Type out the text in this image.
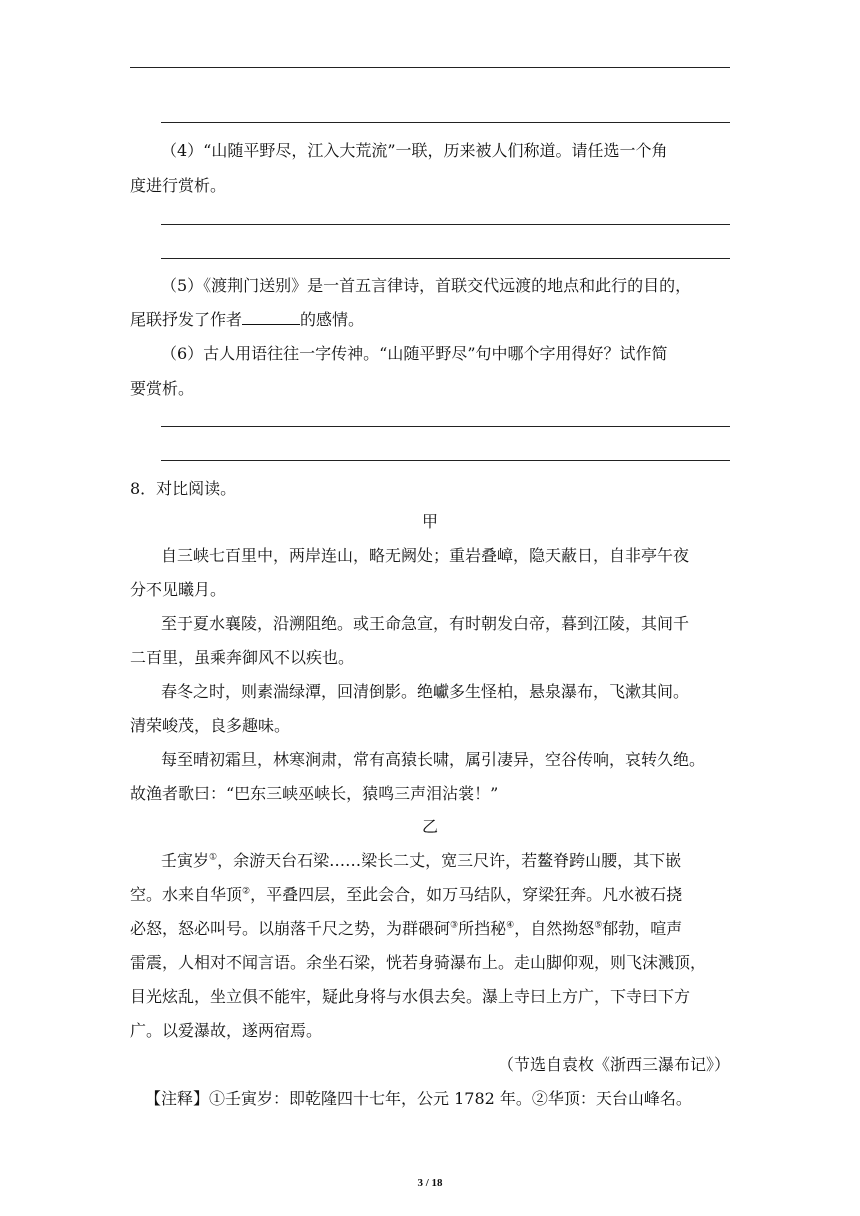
（4）“山随平野尽，江入大荒流”一联，历来被人们称道。请任选一个角
度进行赏析。
（5）《渡荆门送别》是一首五言律诗，首联交代远渡的地点和此行的目的，
尾联抒发了作者	的感情。
（6）古人用语往往一字传神。“山随平野尽”句中哪个字用得好？试作简
要赏析。
8．对比阅读。
甲
自三峡七百里中，两岸连山，略无阙处；重岩叠嶂，隐天蔽日，自非亭午夜
分不见曦月。
至于夏水襄陵，沿溯阻绝。或王命急宣，有时朝发白帝，暮到江陵，其间千
二百里，虽乘奔御风不以疾也。
春冬之时，则素湍绿潭，回清倒影。绝巘多生怪柏，悬泉瀑布，飞漱其间。
清荣峻茂，良多趣味。
每至晴初霜旦，林寒涧肃，常有高猿长啸，属引凄异，空谷传响，哀转久绝。
故渔者歌曰：“巴东三峡巫峡长，猿鸣三声泪沾裳！”
乙
壬寅岁①，余游天台石梁……梁长二丈，宽三尺许，若鳌脊跨山腰，其下嵌
空。水来自华顶②，平叠四层，至此会合，如万马结队，穿梁狂奔。凡水被石挠
必怒，怒必叫号。以崩落千尺之势，为群碨砢③所挡秘④，自然拗怒⑤郁勃，喧声
雷震，人相对不闻言语。余坐石梁，恍若身骑瀑布上。走山脚仰观，则飞沫溅顶，
目光炫乱，坐立俱不能牢，疑此身将与水俱去矣。瀑上寺曰上方广，下寺曰下方
广。以爱瀑故，遂两宿焉。
（节选自袁枚《浙西三瀑布记》）
【注释】①壬寅岁：即乾隆四十七年，公元 1782 年。②华顶：天台山峰名。
3 / 18
